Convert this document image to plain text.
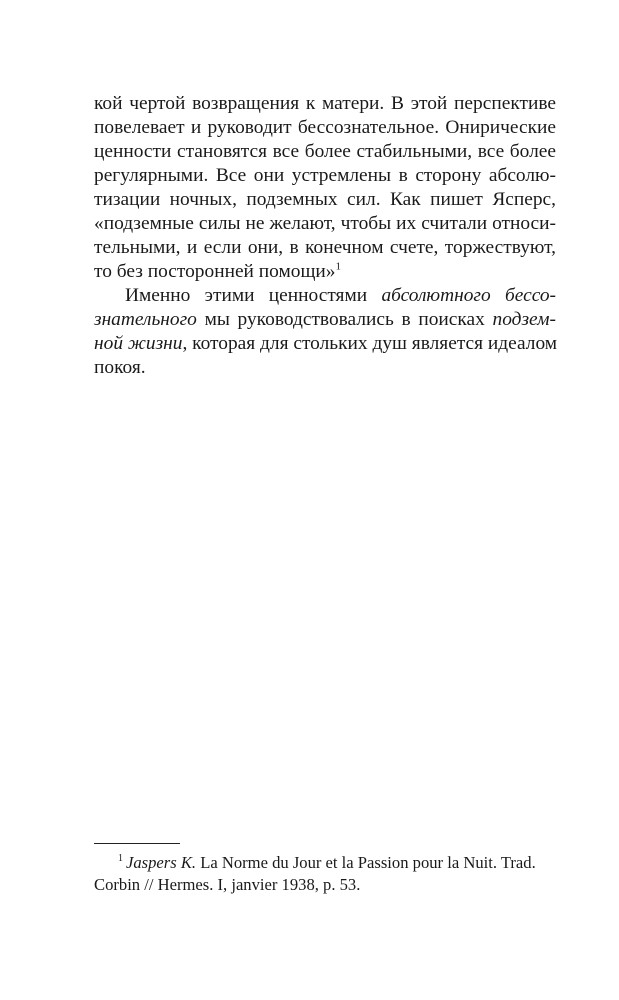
кой чертой возвращения к матери. В этой перспективе
повелевает и руководит бессознательное. Онирические
ценности становятся все более стабильными, все более
регулярными. Все они устремлены в сторону абсолю-
тизации ночных, подземных сил. Как пишет Ясперс,
«подземные силы не желают, чтобы их считали относи-
тельными, и если они, в конечном счете, торжествуют,
то без посторонней помощи»$^1$
Именно этими ценностями абсолютного бессо-
знательного мы руководствовались в поисках подзем-
ной жизни, которая для стольких душ является идеалом
покоя.
$^1$ Jaspers K. La Norme du Jour et la Passion pour la Nuit. Trad.
Corbin // Hermes. I, janvier 1938, p. 53.
